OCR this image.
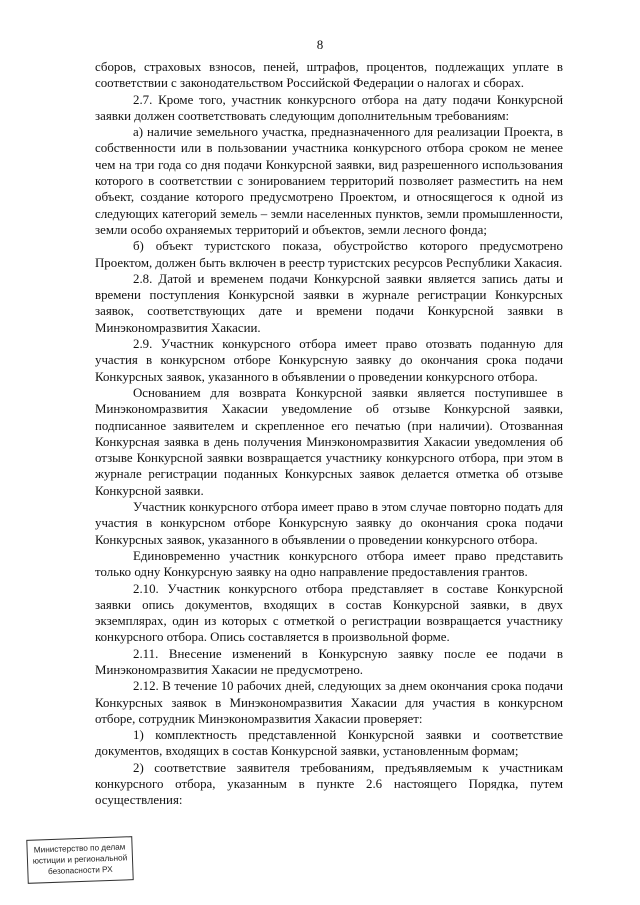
8

сборов, страховых взносов, пеней, штрафов, процентов, подлежащих уплате в соответствии с законодательством Российской Федерации о налогах и сборах.

2.7. Кроме того, участник конкурсного отбора на дату подачи Конкурсной заявки должен соответствовать следующим дополнительным требованиям:

а) наличие земельного участка, предназначенного для реализации Проекта, в собственности или в пользовании участника конкурсного отбора сроком не менее чем на три года со дня подачи Конкурсной заявки, вид разрешенного использования которого в соответствии с зонированием территорий позволяет разместить на нем объект, создание которого предусмотрено Проектом, и относящегося к одной из следующих категорий земель – земли населенных пунктов, земли промышленности, земли особо охраняемых территорий и объектов, земли лесного фонда;

б) объект туристского показа, обустройство которого предусмотрено Проектом, должен быть включен в реестр туристских ресурсов Республики Хакасия.

2.8. Датой и временем подачи Конкурсной заявки является запись даты и времени поступления Конкурсной заявки в журнале регистрации Конкурсных заявок, соответствующих дате и времени подачи Конкурсной заявки в Минэкономразвития Хакасии.

2.9. Участник конкурсного отбора имеет право отозвать поданную для участия в конкурсном отборе Конкурсную заявку до окончания срока подачи Конкурсных заявок, указанного в объявлении о проведении конкурсного отбора.

Основанием для возврата Конкурсной заявки является поступившее в Минэкономразвития Хакасии уведомление об отзыве Конкурсной заявки, подписанное заявителем и скрепленное его печатью (при наличии). Отозванная Конкурсная заявка в день получения Минэкономразвития Хакасии уведомления об отзыве Конкурсной заявки возвращается участнику конкурсного отбора, при этом в журнале регистрации поданных Конкурсных заявок делается отметка об отзыве Конкурсной заявки.

Участник конкурсного отбора имеет право в этом случае повторно подать для участия в конкурсном отборе Конкурсную заявку до окончания срока подачи Конкурсных заявок, указанного в объявлении о проведении конкурсного отбора.

Единовременно участник конкурсного отбора имеет право представить только одну Конкурсную заявку на одно направление предоставления грантов.

2.10. Участник конкурсного отбора представляет в составе Конкурсной заявки опись документов, входящих в состав Конкурсной заявки, в двух экземплярах, один из которых с отметкой о регистрации возвращается участнику конкурсного отбора. Опись составляется в произвольной форме.

2.11. Внесение изменений в Конкурсную заявку после ее подачи в Минэкономразвития Хакасии не предусмотрено.

2.12. В течение 10 рабочих дней, следующих за днем окончания срока подачи Конкурсных заявок в Минэкономразвития Хакасии для участия в конкурсном отборе, сотрудник Минэкономразвития Хакасии проверяет:

1) комплектность представленной Конкурсной заявки и соответствие документов, входящих в состав Конкурсной заявки, установленным формам;

2) соответствие заявителя требованиям, предъявляемым к участникам конкурсного отбора, указанным в пункте 2.6 настоящего Порядка, путем осуществления:

Министерство по делам
юстиции и региональной
безопасности РХ
